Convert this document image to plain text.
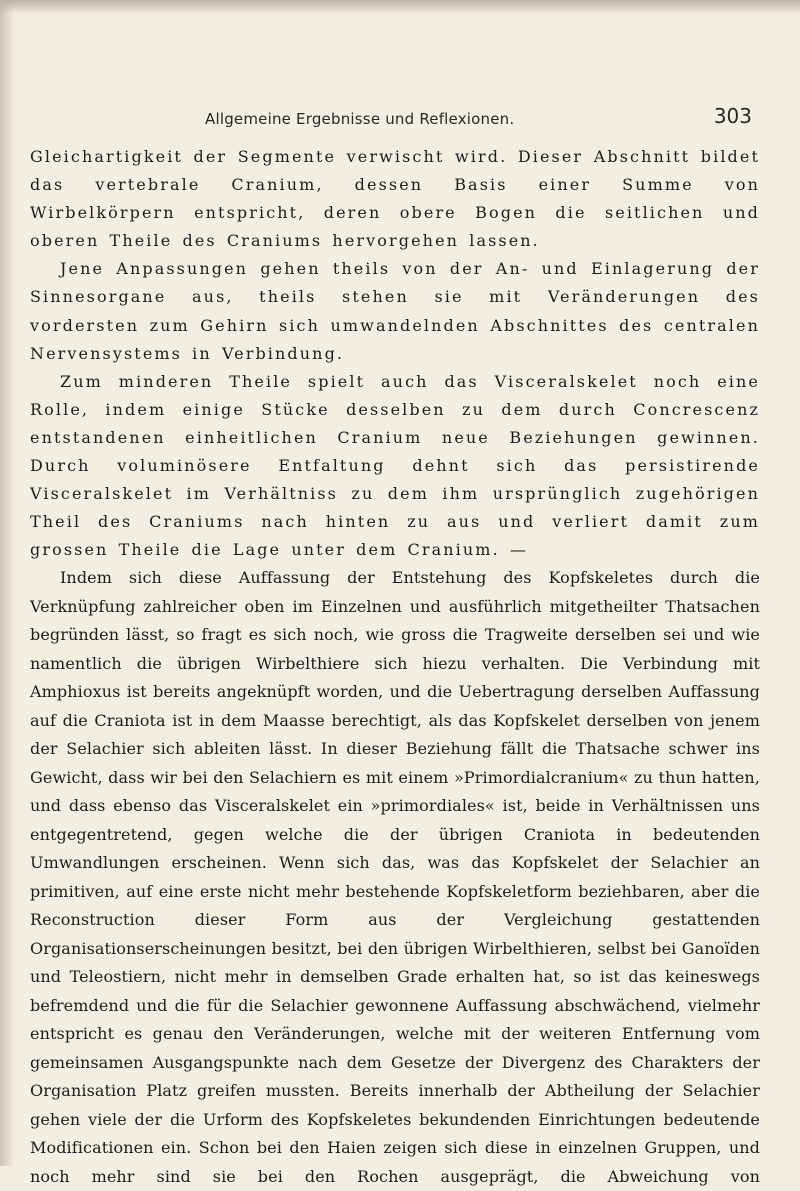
Allgemeine Ergebnisse und Reflexionen.	303

Gleichartigkeit der Segmente verwischt wird. Dieser Abschnitt bildet das vertebrale Cranium, dessen Basis einer Summe von Wirbelkörpern entspricht, deren obere Bogen die seitlichen und oberen Theile des Craniums hervorgehen lassen.

Jene Anpassungen gehen theils von der An- und Einlagerung der Sinnesorgane aus, theils stehen sie mit Veränderungen des vordersten zum Gehirn sich umwandelnden Abschnittes des centralen Nervensystems in Verbindung.

Zum minderen Theile spielt auch das Visceralskelet noch eine Rolle, indem einige Stücke desselben zu dem durch Concrescenz entstandenen einheitlichen Cranium neue Beziehungen gewinnen. Durch voluminösere Entfaltung dehnt sich das persistirende Visceralskelet im Verhältniss zu dem ihm ursprünglich zugehörigen Theil des Craniums nach hinten zu aus und verliert damit zum grossen Theile die Lage unter dem Cranium. —

Indem sich diese Auffassung der Entstehung des Kopfskeletes durch die Verknüpfung zahlreicher oben im Einzelnen und ausführlich mitgetheilter Thatsachen begründen lässt, so fragt es sich noch, wie gross die Tragweite derselben sei und wie namentlich die übrigen Wirbelthiere sich hiezu verhalten. Die Verbindung mit Amphioxus ist bereits angeknüpft worden, und die Uebertragung derselben Auffassung auf die Craniota ist in dem Maasse berechtigt, als das Kopfskelet derselben von jenem der Selachier sich ableiten lässt. In dieser Beziehung fällt die Thatsache schwer ins Gewicht, dass wir bei den Selachiern es mit einem »Primordialcranium« zu thun hatten, und dass ebenso das Visceralskelet ein »primordiales« ist, beide in Verhältnissen uns entgegentretend, gegen welche die der übrigen Craniota in bedeutenden Umwandlungen erscheinen. Wenn sich das, was das Kopfskelet der Selachier an primitiven, auf eine erste nicht mehr bestehende Kopfskeletform beziehbaren, aber die Reconstruction dieser Form aus der Vergleichung gestattenden Organisationserscheinungen besitzt, bei den übrigen Wirbelthieren, selbst bei Ganoïden und Teleostiern, nicht mehr in demselben Grade erhalten hat, so ist das keineswegs befremdend und die für die Selachier gewonnene Auffassung abschwächend, vielmehr entspricht es genau den Veränderungen, welche mit der weiteren Entfernung vom gemeinsamen Ausgangspunkte nach dem Gesetze der Divergenz des Charakters der Organisation Platz greifen mussten. Bereits innerhalb der Abtheilung der Selachier gehen viele der die Urform des Kopfskeletes bekundenden Einrichtungen bedeutende Modificationen ein. Schon bei den Haien zeigen sich diese in einzelnen Gruppen, und noch mehr sind sie bei den Rochen ausgeprägt, die Abweichung von
